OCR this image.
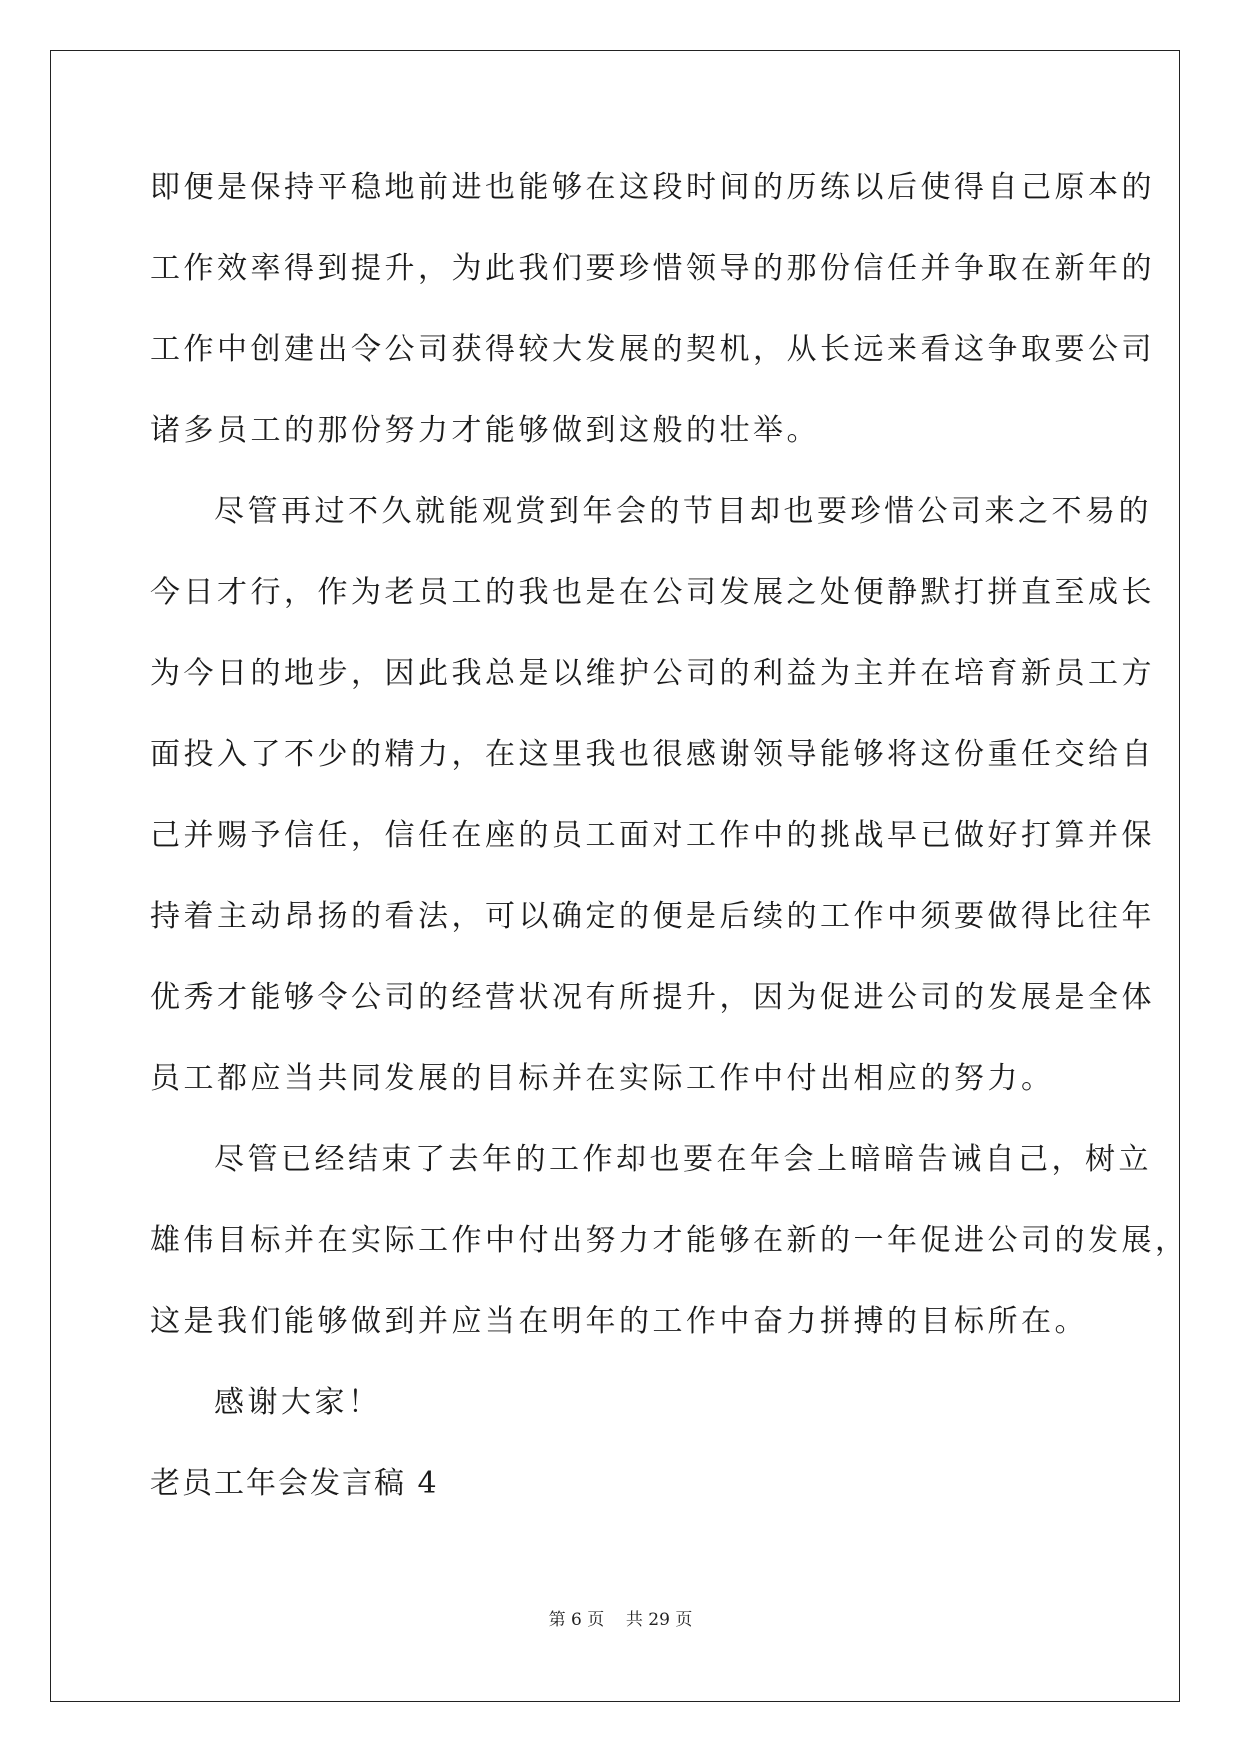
即便是保持平稳地前进也能够在这段时间的历练以后使得自己原本的
工作效率得到提升，为此我们要珍惜领导的那份信任并争取在新年的
工作中创建出令公司获得较大发展的契机，从长远来看这争取要公司
诸多员工的那份努力才能够做到这般的壮举。
尽管再过不久就能观赏到年会的节目却也要珍惜公司来之不易的
今日才行，作为老员工的我也是在公司发展之处便静默打拼直至成长
为今日的地步，因此我总是以维护公司的利益为主并在培育新员工方
面投入了不少的精力，在这里我也很感谢领导能够将这份重任交给自
己并赐予信任，信任在座的员工面对工作中的挑战早已做好打算并保
持着主动昂扬的看法，可以确定的便是后续的工作中须要做得比往年
优秀才能够令公司的经营状况有所提升，因为促进公司的发展是全体
员工都应当共同发展的目标并在实际工作中付出相应的努力。
尽管已经结束了去年的工作却也要在年会上暗暗告诫自己，树立
雄伟目标并在实际工作中付出努力才能够在新的一年促进公司的发展，
这是我们能够做到并应当在明年的工作中奋力拼搏的目标所在。
感谢大家！
老员工年会发言稿 4
第 6 页 共 29 页
